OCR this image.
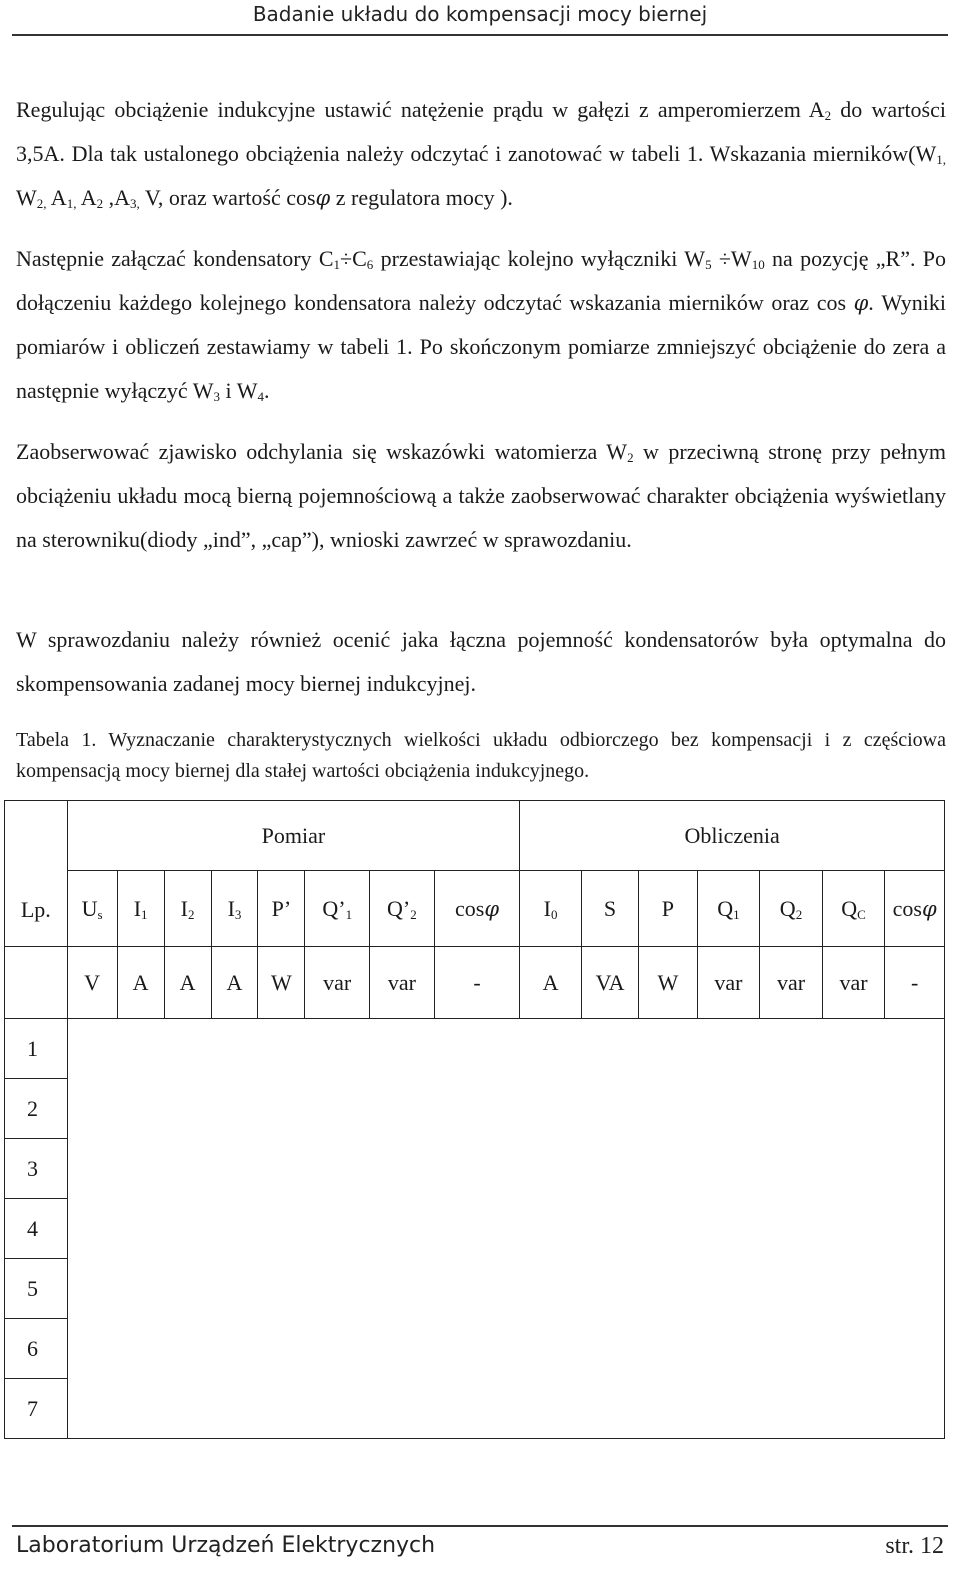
Badanie układu do kompensacji mocy biernej

Regulując obciążenie indukcyjne ustawić natężenie prądu w gałęzi z amperomierzem $A_2$ do wartości 3,5A. Dla tak ustalonego obciążenia należy odczytać i zanotować w tabeli 1. Wskazania $mierników(W_{1,}$ $W_{2,}$ $A_{1,}$ $A_2$ $,A_{3,}$ V, oraz wartość cosφ z regulatora mocy ).

Następnie załączać kondensatory $C_1\div C_6$ przestawiając kolejno wyłączniki $W_5 \div W_{10}$ na pozycję „R”. Po dołączeniu każdego kolejnego kondensatora należy odczytać wskazania mierników oraz cos φ. Wyniki pomiarów i obliczeń zestawiamy w tabeli 1. Po skończonym pomiarze zmniejszyć obciążenie do zera a następnie wyłączyć $W_3$ i $W_4$.

Zaobserwować zjawisko odchylania się wskazówki watomierza $W_2$ w przeciwną stronę przy pełnym obciążeniu układu mocą bierną pojemnościową a także zaobserwować charakter obciążenia wyświetlany na sterowniku(diody „ind”, „cap”), wnioski zawrzeć w sprawozdaniu.

W sprawozdaniu należy również ocenić jaka łączna pojemność kondensatorów była optymalna do skompensowania zadanej mocy biernej indukcyjnej.

Tabela 1. Wyznaczanie charakterystycznych wielkości układu odbiorczego bez kompensacji i z częściowa kompensacją mocy biernej dla stałej wartości obciążenia indukcyjnego.

Lp.	Pomiar								Obliczenia						
	$U_s$	$I_1$	$I_2$	$I_3$	P’	$Q’_1$	$Q’_2$	cosφ	$I_0$	S	P	$Q_1$	$Q_2$	$Q_C$	cosφ
	V	A	A	A	W	var	var	-	A	VA	W	var	var	var	-
1															
2															
3															
4															
5															
6															
7															
Laboratorium Urządzeń Elektrycznych	str. 12
